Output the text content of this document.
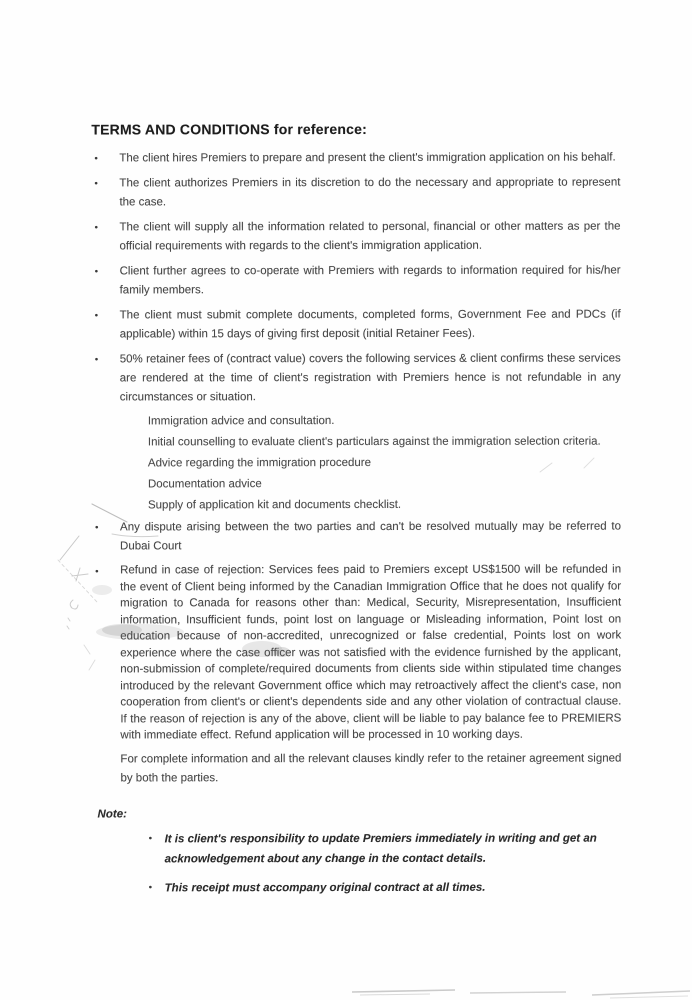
TERMS AND CONDITIONS for reference:
•	The client hires Premiers to prepare and present the client's immigration application on his behalf.

•	The client authorizes Premiers in its discretion to do the necessary and appropriate to represent the case.

•	The client will supply all the information related to personal, financial or other matters as per the official requirements with regards to the client's immigration application.

•	Client further agrees to co-operate with Premiers with regards to information required for his/her family members.

•	The client must submit complete documents, completed forms, Government Fee and PDCs (if applicable) within 15 days of giving first deposit (initial Retainer Fees).

•	50% retainer fees of (contract value) covers the following services & client confirms these services are rendered at the time of client's registration with Premiers hence is not refundable in any circumstances or situation.

Immigration advice and consultation.

Initial counselling to evaluate client's particulars against the immigration selection criteria.

Advice regarding the immigration procedure

Documentation advice

Supply of application kit and documents checklist.

•	Any dispute arising between the two parties and can't be resolved mutually may be referred to Dubai Court

•	Refund in case of rejection: Services fees paid to Premiers except US$1500 will be refunded in the event of Client being informed by the Canadian Immigration Office that he does not qualify for migration to Canada for reasons other than: Medical, Security, Misrepresentation, Insufficient information, Insufficient funds, point lost on language or Misleading information, Point lost on education because of non-accredited, unrecognized or false credential, Points lost on work experience where the case officer was not satisfied with the evidence furnished by the applicant, non-submission of complete/required documents from clients side within stipulated time changes introduced by the relevant Government office which may retroactively affect the client's case, non cooperation from client's or client's dependents side and any other violation of contractual clause. If the reason of rejection is any of the above, client will be liable to pay balance fee to PREMIERS with immediate effect. Refund application will be processed in 10 working days.

For complete information and all the relevant clauses kindly refer to the retainer agreement signed by both the parties.

Note:

•	It is client's responsibility to update Premiers immediately in writing and get an acknowledgement about any change in the contact details.

•	This receipt must accompany original contract at all times.
